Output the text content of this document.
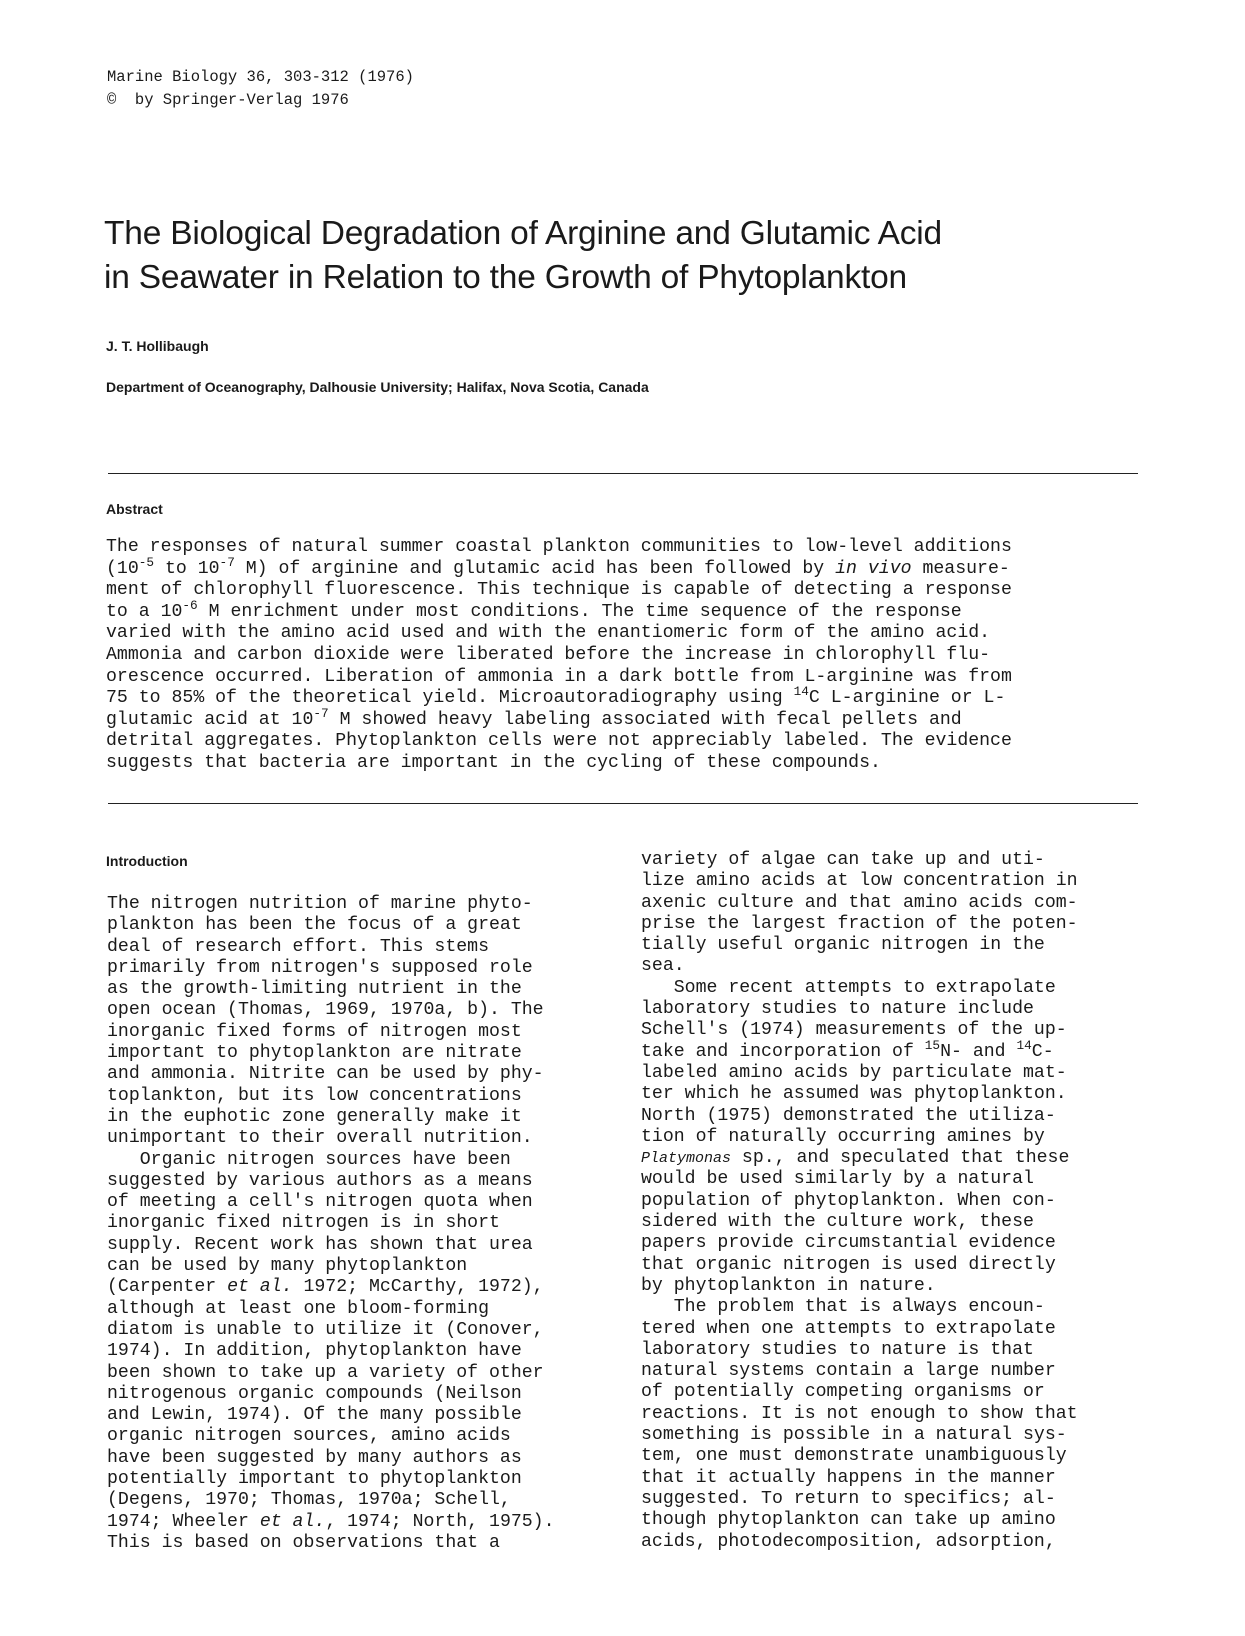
Marine Biology 36, 303-312 (1976)
©  by Springer-Verlag 1976
The Biological Degradation of Arginine and Glutamic Acid
in Seawater in Relation to the Growth of Phytoplankton
J. T. Hollibaugh
Department of Oceanography, Dalhousie University; Halifax, Nova Scotia, Canada
Abstract
The responses of natural summer coastal plankton communities to low-level additions
($10^{-5}$ to $10^{-7}$ M) of arginine and glutamic acid has been followed by in vivo measure-
ment of chlorophyll fluorescence. This technique is capable of detecting a response
to a $10^{-6}$ M enrichment under most conditions. The time sequence of the response
varied with the amino acid used and with the enantiomeric form of the amino acid.
Ammonia and carbon dioxide were liberated before the increase in chlorophyll flu-
orescence occurred. Liberation of ammonia in a dark bottle from L-arginine was from
75 to 85% of the theoretical yield. Microautoradiography using $^{14}$C L-arginine or L-
glutamic acid at $10^{-7}$ M showed heavy labeling associated with fecal pellets and
detrital aggregates. Phytoplankton cells were not appreciably labeled. The evidence
suggests that bacteria are important in the cycling of these compounds.
Introduction
The nitrogen nutrition of marine phyto-
plankton has been the focus of a great
deal of research effort. This stems
primarily from nitrogen's supposed role
as the growth-limiting nutrient in the
open ocean (Thomas, 1969, 1970a, b). The
inorganic fixed forms of nitrogen most
important to phytoplankton are nitrate
and ammonia. Nitrite can be used by phy-
toplankton, but its low concentrations
in the euphotic zone generally make it
unimportant to their overall nutrition.
Organic nitrogen sources have been
suggested by various authors as a means
of meeting a cell's nitrogen quota when
inorganic fixed nitrogen is in short
supply. Recent work has shown that urea
can be used by many phytoplankton
(Carpenter et al. 1972; McCarthy, 1972),
although at least one bloom-forming
diatom is unable to utilize it (Conover,
1974). In addition, phytoplankton have
been shown to take up a variety of other
nitrogenous organic compounds (Neilson
and Lewin, 1974). Of the many possible
organic nitrogen sources, amino acids
have been suggested by many authors as
potentially important to phytoplankton
(Degens, 1970; Thomas, 1970a; Schell,
1974; Wheeler et al., 1974; North, 1975).
This is based on observations that a
variety of algae can take up and uti-
lize amino acids at low concentration in
axenic culture and that amino acids com-
prise the largest fraction of the poten-
tially useful organic nitrogen in the
sea.
Some recent attempts to extrapolate
laboratory studies to nature include
Schell's (1974) measurements of the up-
take and incorporation of $^{15}$N- and $^{14}$C-
labeled amino acids by particulate mat-
ter which he assumed was phytoplankton.
North (1975) demonstrated the utiliza-
tion of naturally occurring amines by
Platymonas sp., and speculated that these
would be used similarly by a natural
population of phytoplankton. When con-
sidered with the culture work, these
papers provide circumstantial evidence
that organic nitrogen is used directly
by phytoplankton in nature.
The problem that is always encoun-
tered when one attempts to extrapolate
laboratory studies to nature is that
natural systems contain a large number
of potentially competing organisms or
reactions. It is not enough to show that
something is possible in a natural sys-
tem, one must demonstrate unambiguously
that it actually happens in the manner
suggested. To return to specifics; al-
though phytoplankton can take up amino
acids, photodecomposition, adsorption,
